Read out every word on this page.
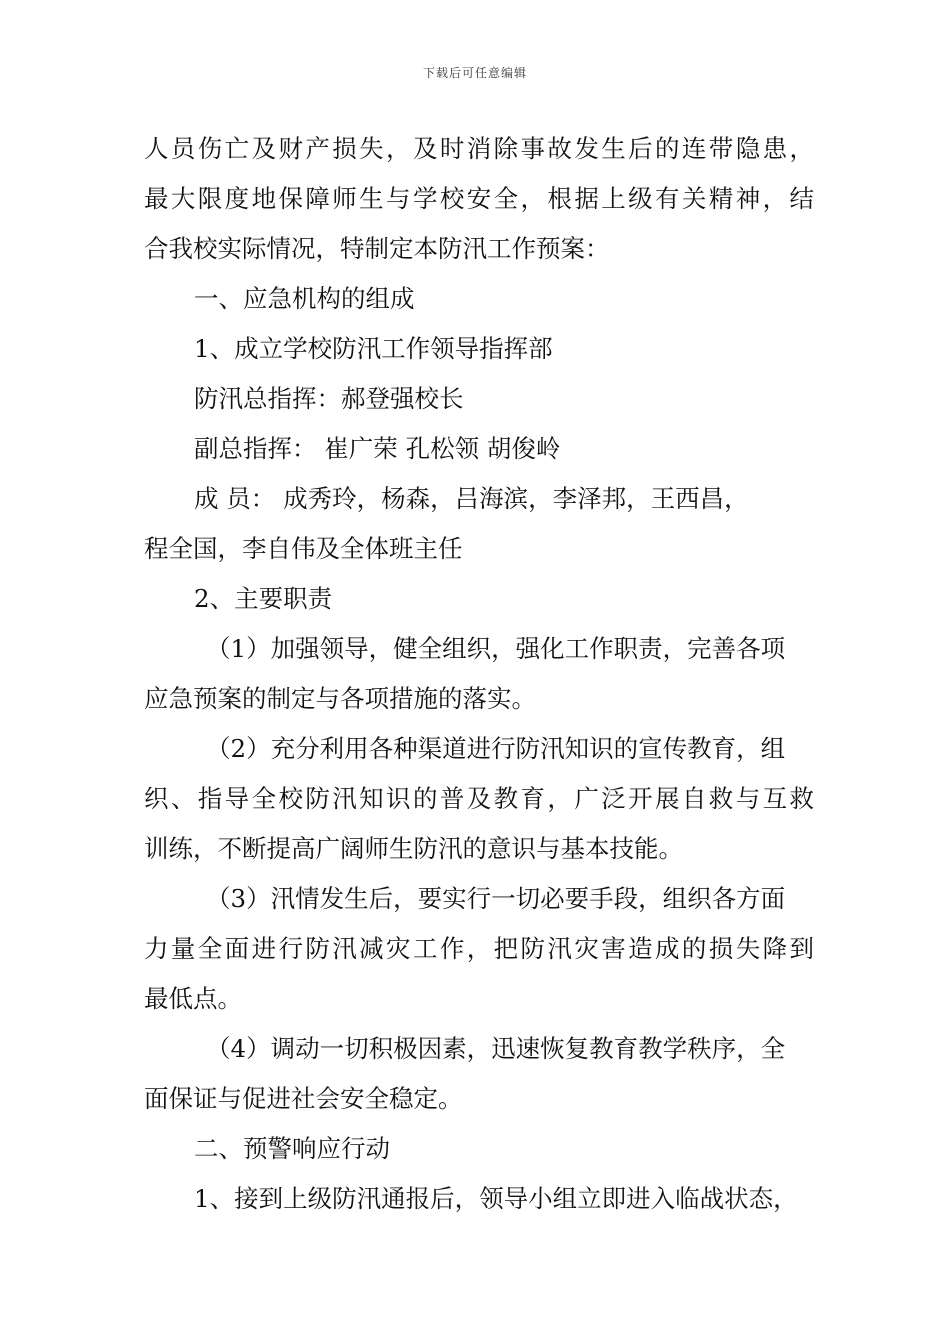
下载后可任意编辑
人员伤亡及财产损失，及时消除事故发生后的连带隐患，
最大限度地保障师生与学校安全，根据上级有关精神，结
合我校实际情况，特制定本防汛工作预案：
一、应急机构的组成
1、成立学校防汛工作领导指挥部
防汛总指挥：郝登强校长
副总指挥： 崔广荣 孔松领 胡俊岭
成 员： 成秀玲，杨森，吕海滨，李泽邦，王西昌，
程全国，李自伟及全体班主任
2、主要职责
（1）加强领导，健全组织，强化工作职责，完善各项
应急预案的制定与各项措施的落实。
（2）充分利用各种渠道进行防汛知识的宣传教育，组
织、指导全校防汛知识的普及教育，广泛开展自救与互救
训练，不断提高广阔师生防汛的意识与基本技能。
（3）汛情发生后，要实行一切必要手段，组织各方面
力量全面进行防汛减灾工作，把防汛灾害造成的损失降到
最低点。
（4）调动一切积极因素，迅速恢复教育教学秩序，全
面保证与促进社会安全稳定。
二、预警响应行动
1、接到上级防汛通报后，领导小组立即进入临战状态，
